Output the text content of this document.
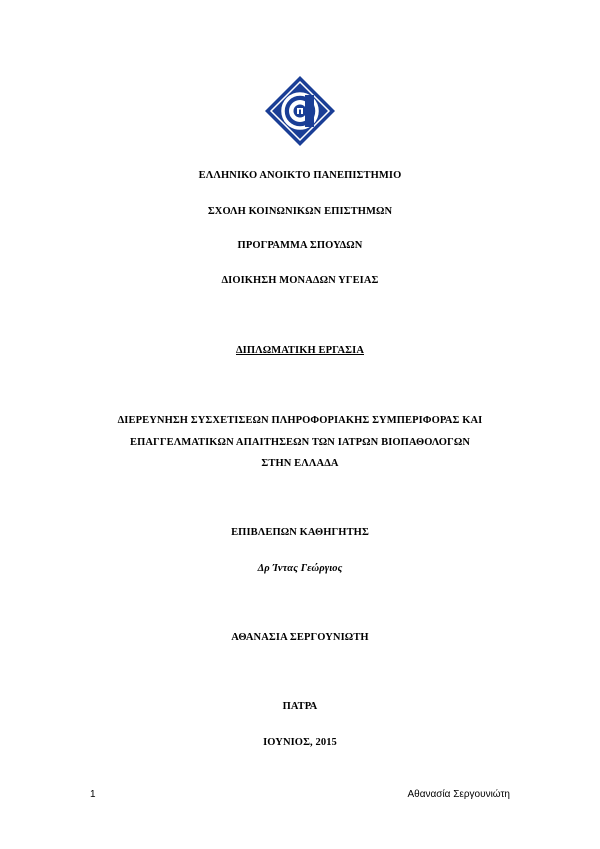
ΕΛΛΗΝΙΚΟ ΑΝΟΙΚΤΟ ΠΑΝΕΠΙΣΤΗΜΙΟ
ΣΧΟΛΗ ΚΟΙΝΩΝΙΚΩΝ ΕΠΙΣΤΗΜΩΝ
ΠΡΟΓΡΑΜΜΑ ΣΠΟΥΔΩΝ
ΔΙΟΙΚΗΣΗ ΜΟΝΑΔΩΝ ΥΓΕΙΑΣ
ΔΙΠΛΩΜΑΤΙΚΗ ΕΡΓΑΣΙΑ
ΔΙΕΡΕΥΝΗΣΗ ΣΥΣΧΕΤΙΣΕΩΝ ΠΛΗΡΟΦΟΡΙΑΚΗΣ ΣΥΜΠΕΡΙΦΟΡΑΣ ΚΑΙ
ΕΠΑΓΓΕΛΜΑΤΙΚΩΝ ΑΠΑΙΤΗΣΕΩΝ ΤΩΝ ΙΑΤΡΩΝ ΒΙΟΠΑΘΟΛΟΓΩΝ
ΣΤΗΝ ΕΛΛΑΔΑ
ΕΠΙΒΛΕΠΩΝ ΚΑΘΗΓΗΤΗΣ
Δρ Ίντας Γεώργιος
ΑΘΑΝΑΣΙΑ ΣΕΡΓΟΥΝΙΩΤΗ
ΠΑΤΡΑ
ΙΟΥΝΙΟΣ, 2015
1	Αθανασία Σεργουνιώτη
